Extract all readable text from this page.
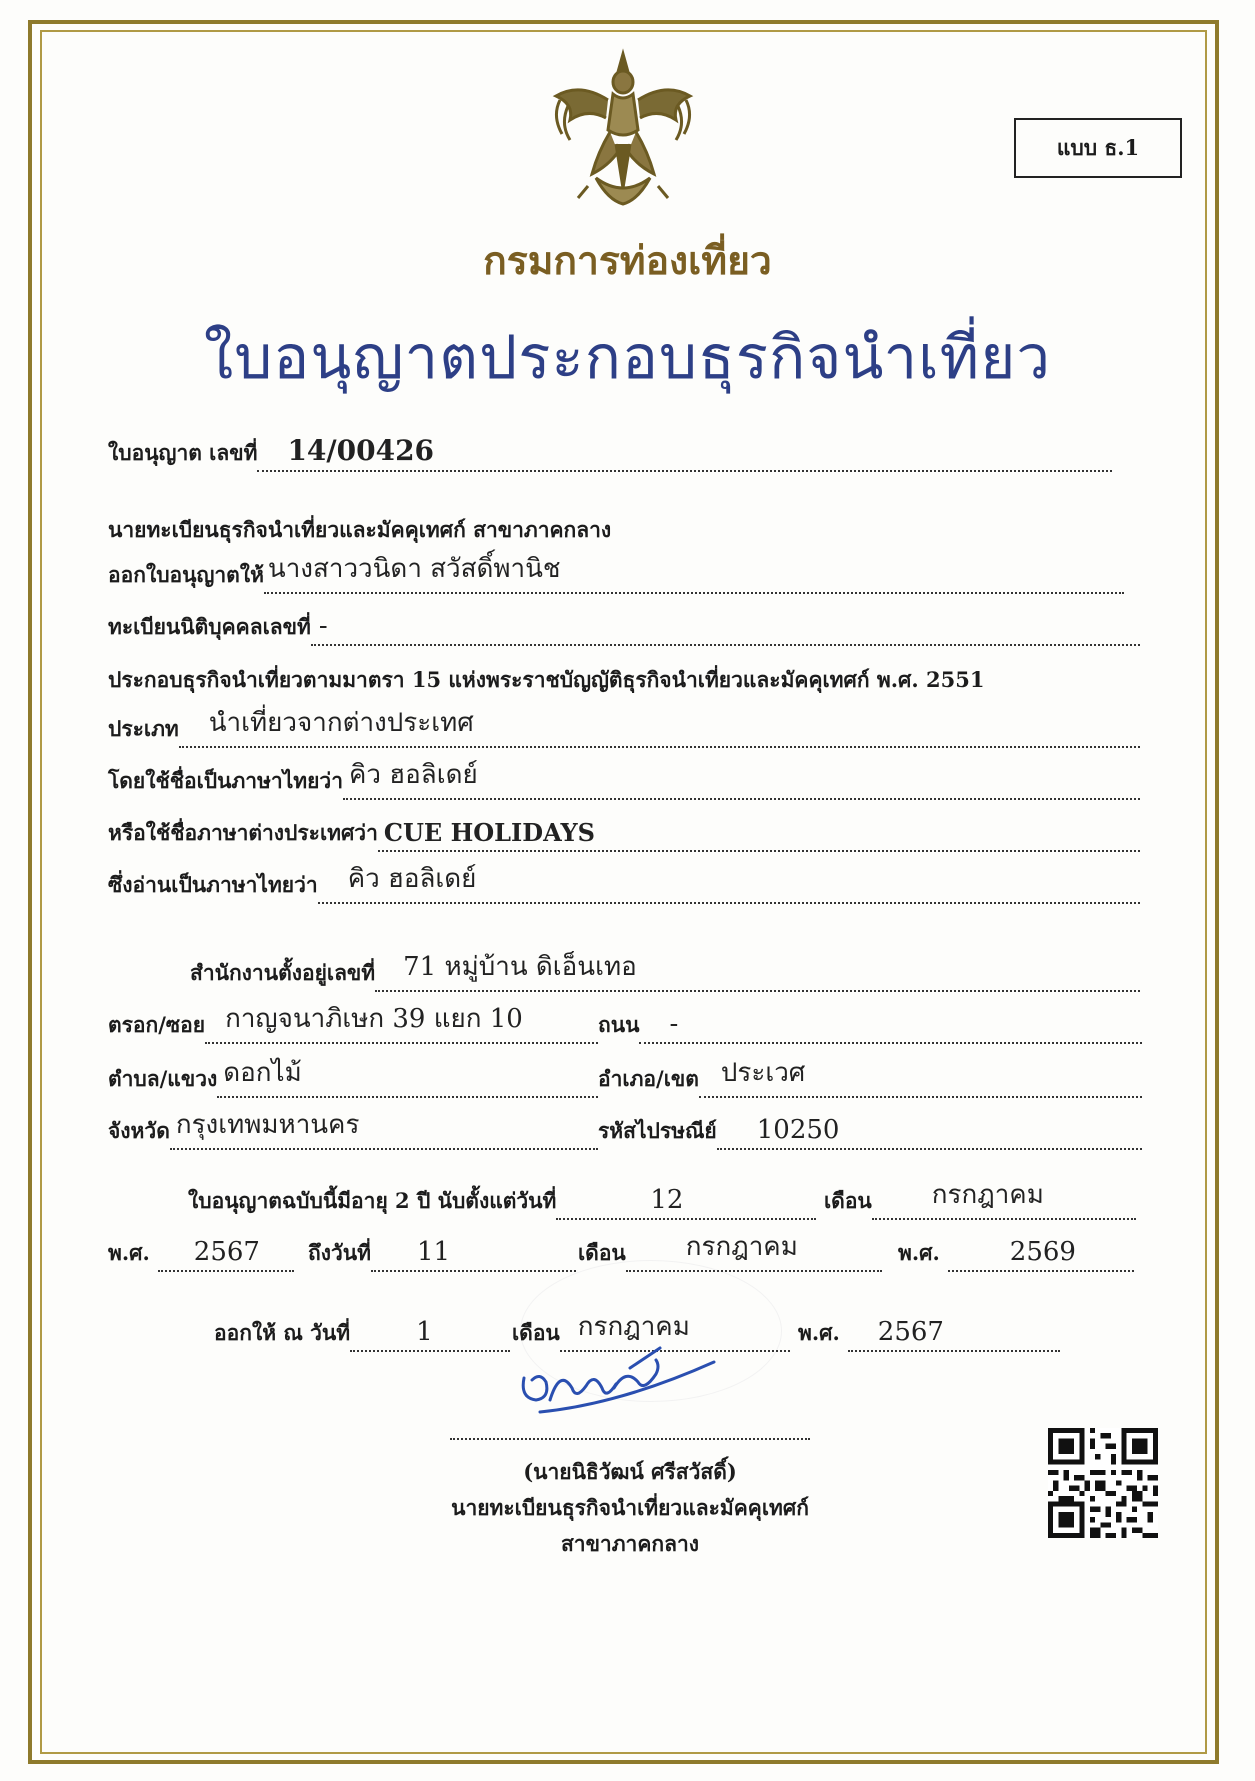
แบบ ธ.1
กรมการท่องเที่ยว
ใบอนุญาตประกอบธุรกิจนำเที่ยว
ใบอนุญาต เลขที่ 14/00426
นายทะเบียนธุรกิจนำเที่ยวและมัคคุเทศก์ สาขาภาคกลาง
ออกใบอนุญาตให้ นางสาววนิดา สวัสดิ์พานิช
ทะเบียนนิติบุคคลเลขที่ -
ประกอบธุรกิจนำเที่ยวตามมาตรา 15 แห่งพระราชบัญญัติธุรกิจนำเที่ยวและมัคคุเทศก์ พ.ศ. 2551
ประเภท นำเที่ยวจากต่างประเทศ
โดยใช้ชื่อเป็นภาษาไทยว่า คิว ฮอลิเดย์
หรือใช้ชื่อภาษาต่างประเทศว่า CUE HOLIDAYS
ซึ่งอ่านเป็นภาษาไทยว่า คิว ฮอลิเดย์
สำนักงานตั้งอยู่เลขที่ 71 หมู่บ้าน ดิเอ็นเทอ
ตรอก/ซอย กาญจนาภิเษก 39 แยก 10	ถนน -
ตำบล/แขวง ดอกไม้	อำเภอ/เขต ประเวศ
จังหวัด กรุงเทพมหานคร	รหัสไปรษณีย์ 10250
ใบอนุญาตฉบับนี้มีอายุ 2 ปี นับตั้งแต่วันที่	12	เดือน กรกฎาคม
พ.ศ. 2567 ถึงวันที่ 11	เดือน กรกฎาคม	พ.ศ.	2569
ออกให้ ณ วันที่	1	เดือน กรกฎาคม	พ.ศ. 2567
(นายนิธิวัฒน์ ศรีสวัสดิ์)
นายทะเบียนธุรกิจนำเที่ยวและมัคคุเทศก์
สาขาภาคกลาง
